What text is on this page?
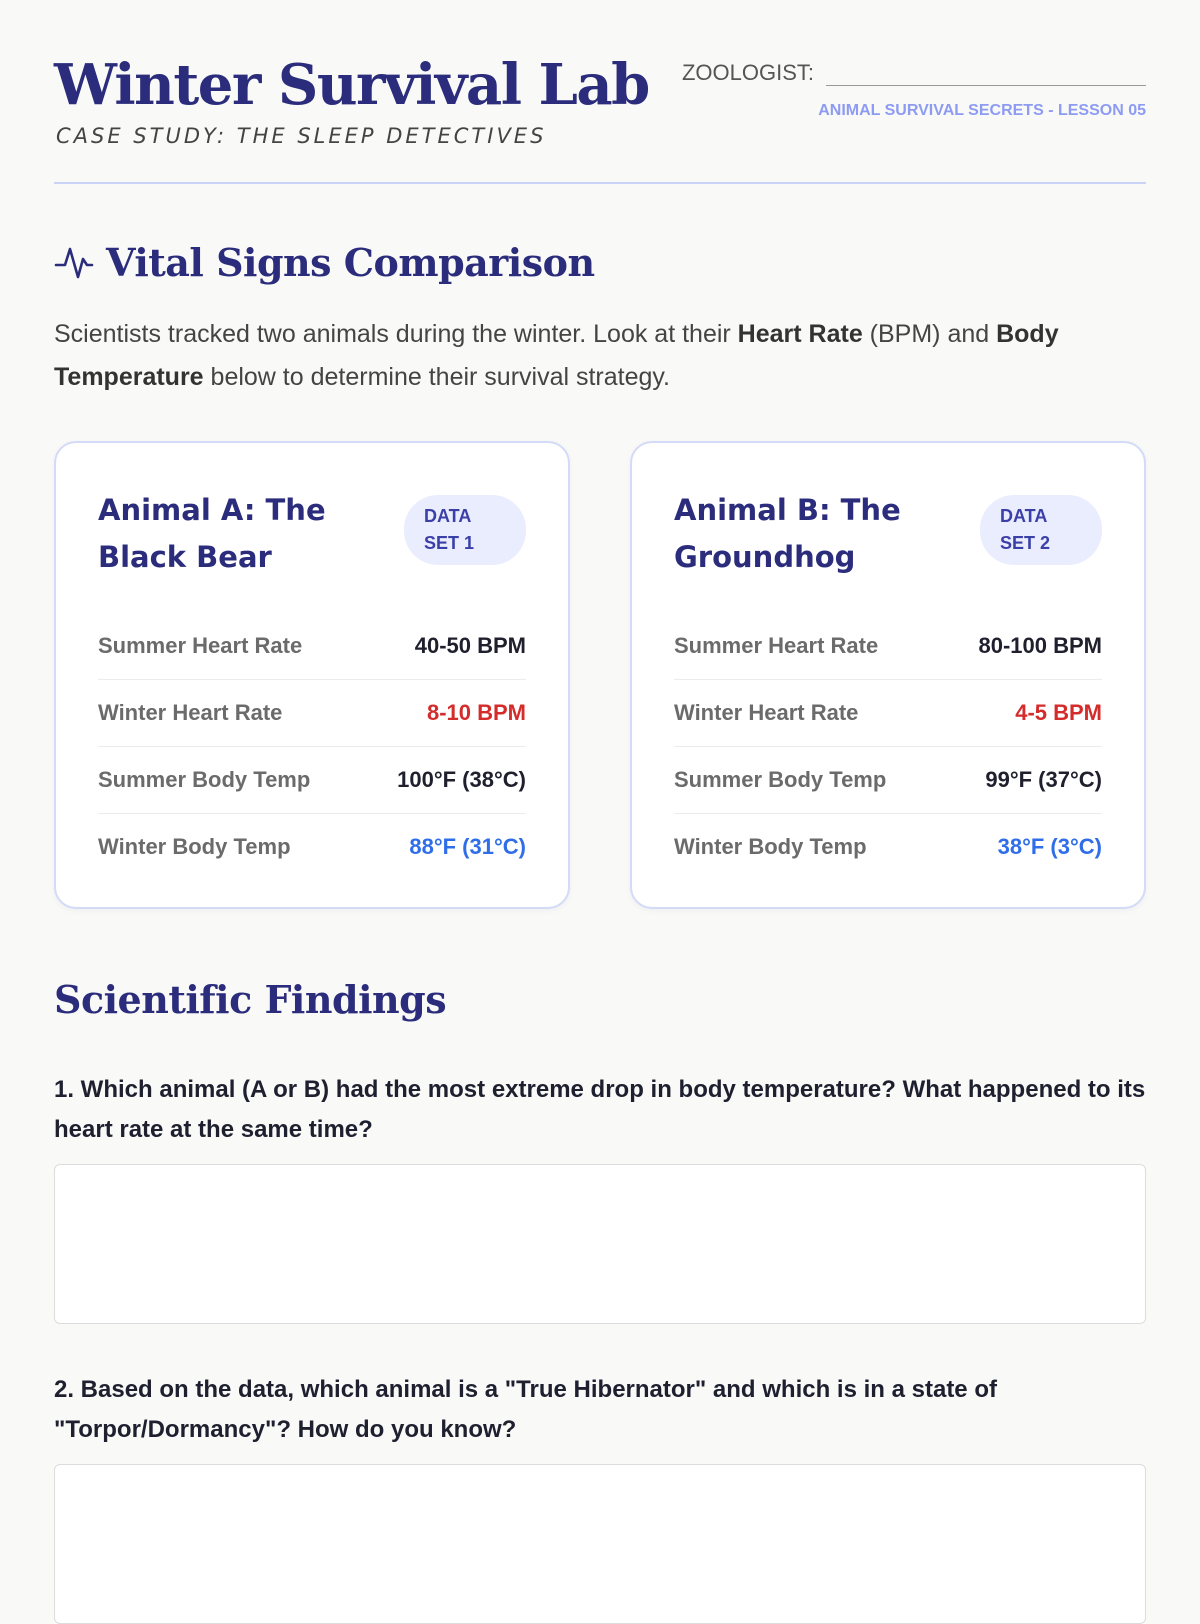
Winter Survival Lab
CASE STUDY: THE SLEEP DETECTIVES
ZOOLOGIST:
ANIMAL SURVIVAL SECRETS - LESSON 05
Vital Signs Comparison

Scientists tracked two animals during the winter. Look at their Heart Rate (BPM) and Body Temperature below to determine their survival strategy.

Animal A: The Black Bear
DATA SET 1
Summer Heart Rate	40-50 BPM
Winter Heart Rate	8-10 BPM
Summer Body Temp	100°F (38°C)
Winter Body Temp	88°F (31°C)
Animal B: The Groundhog
DATA SET 2
Summer Heart Rate	80-100 BPM
Winter Heart Rate	4-5 BPM
Summer Body Temp	99°F (37°C)
Winter Body Temp	38°F (3°C)
Scientific Findings
1. Which animal (A or B) had the most extreme drop in body temperature? What happened to its heart rate at the same time?
2. Based on the data, which animal is a "True Hibernator" and which is in a state of "Torpor/Dormancy"? How do you know?
